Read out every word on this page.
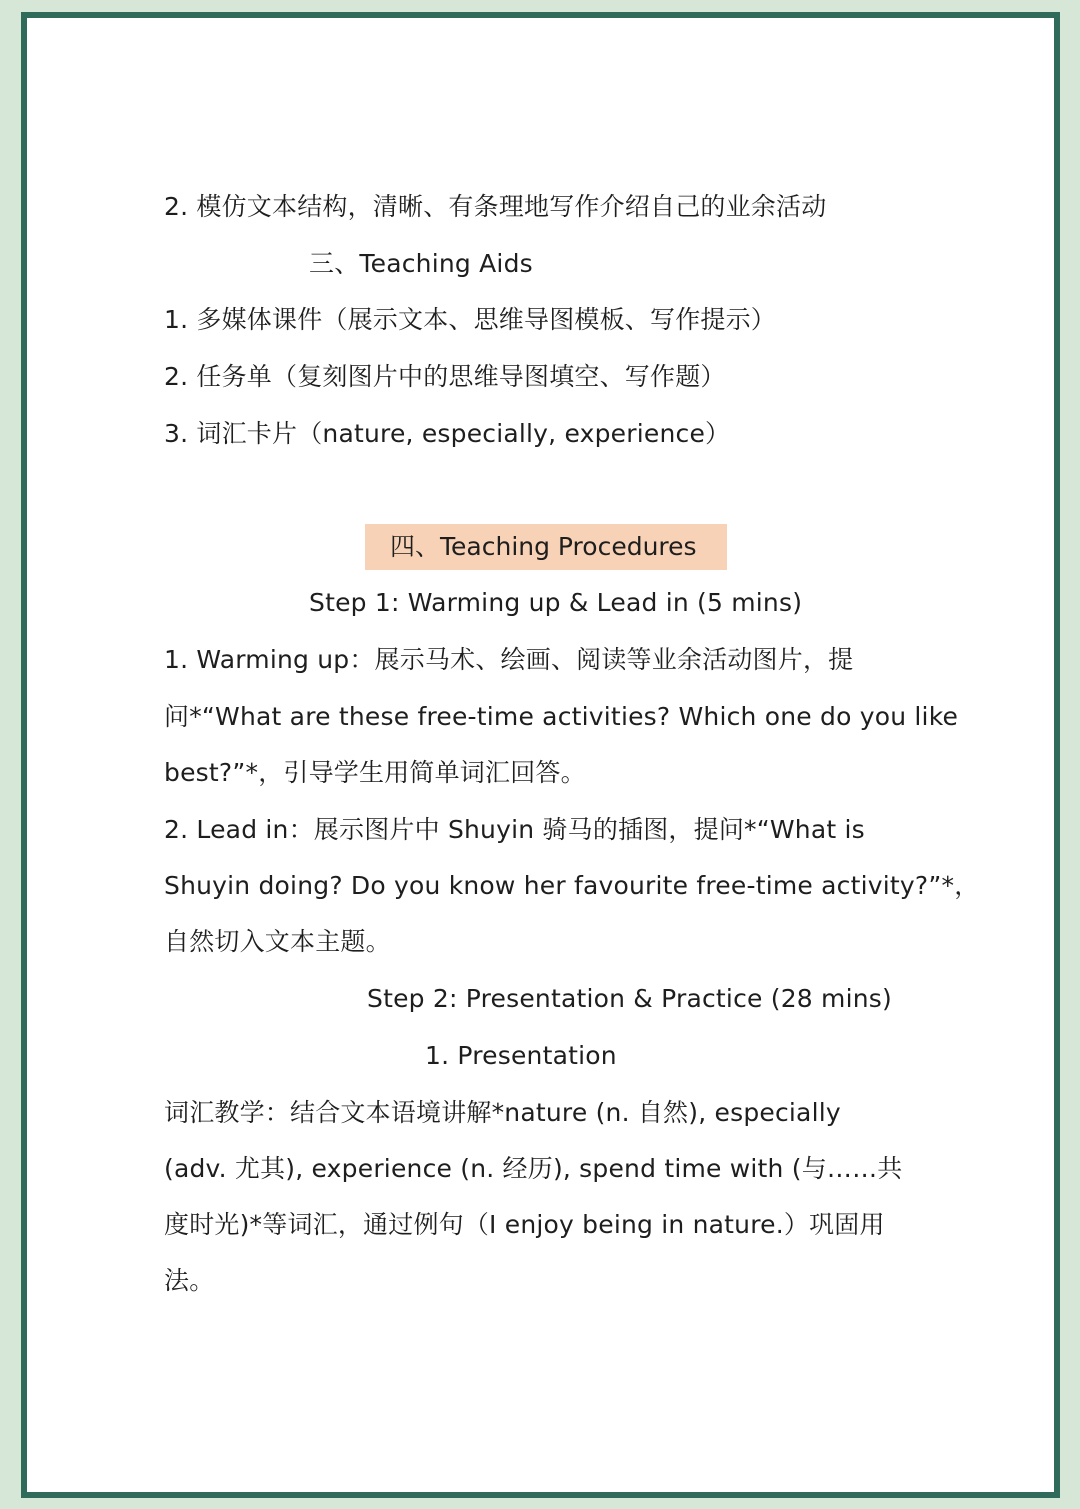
2. 模仿文本结构，清晰、有条理地写作介绍自己的业余活动
三、Teaching Aids
1. 多媒体课件（展示文本、思维导图模板、写作提示）
2. 任务单（复刻图片中的思维导图填空、写作题）
3. 词汇卡片（nature, especially, experience）
四、Teaching Procedures
Step 1: Warming up & Lead in (5 mins)
1. Warming up：展示马术、绘画、阅读等业余活动图片，提
问*“What are these free-time activities? Which one do you like
best?”*，引导学生用简单词汇回答。
2. Lead in：展示图片中 Shuyin 骑马的插图，提问*“What is
Shuyin doing? Do you know her favourite free-time activity?”*，
自然切入文本主题。
Step 2: Presentation & Practice (28 mins)
1. Presentation
词汇教学：结合文本语境讲解*nature (n. 自然), especially
(adv. 尤其), experience (n. 经历), spend time with (与……共
度时光)*等词汇，通过例句（I enjoy being in nature.）巩固用
法。
